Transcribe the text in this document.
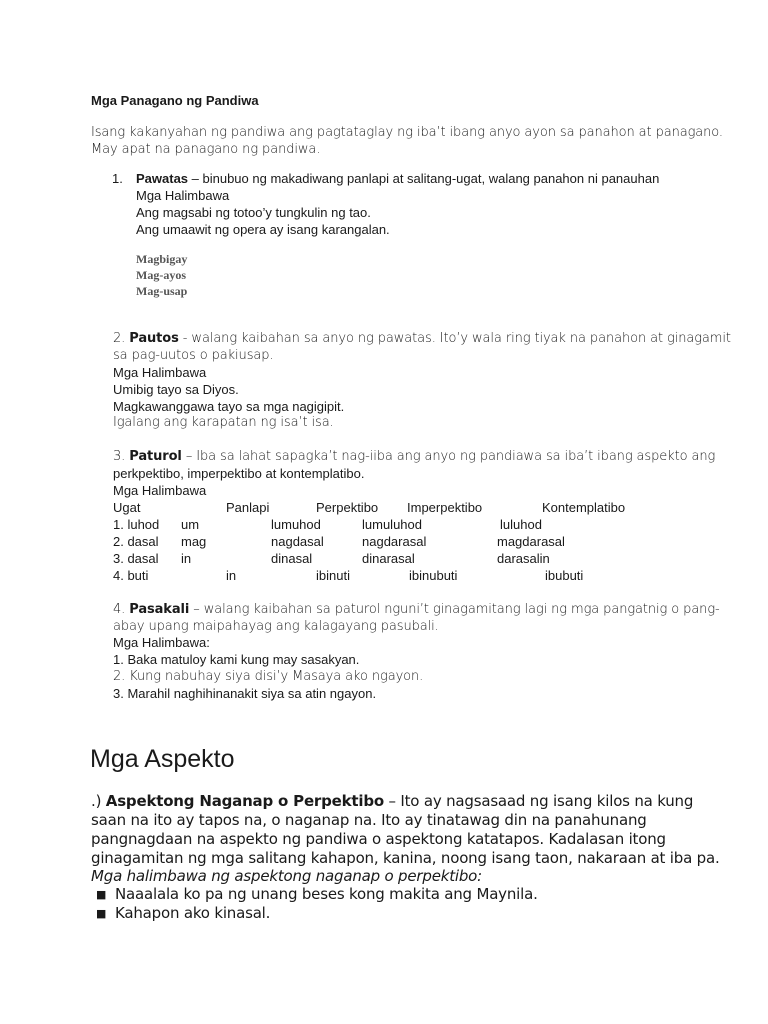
Mga Panagano ng Pandiwa
Isang kakanyahan ng pandiwa ang pagtataglay ng iba’t ibang anyo ayon sa panahon at panagano.
May apat na panagano ng pandiwa.
1. Pawatas – binubuo ng makadiwang panlapi at salitang-ugat, walang panahon ni panauhan
Mga Halimbawa
Ang magsabi ng totoo’y tungkulin ng tao.
Ang umaawit ng opera ay isang karangalan.
Magbigay
Mag-ayos
Mag-usap
2. Pautos - walang kaibahan sa anyo ng pawatas. Ito’y wala ring tiyak na panahon at ginagamit
sa pag-uutos o pakiusap.
Mga Halimbawa
Umibig tayo sa Diyos.
Magkawanggawa tayo sa mga nagigipit.
Igalang ang karapatan ng isa’t isa.
3. Paturol – Iba sa lahat sapagka’t nag-iiba ang anyo ng pandiawa sa iba’t ibang aspekto ang
perkpektibo, imperpektibo at kontemplatibo.
Mga Halimbawa
Ugat	Panlapi	Perpektibo Imperpektibo	Kontemplatibo
1. luhod um	lumuhod	lumuluhod	luluhod
2. dasal mag	nagdasal	nagdarasal	magdarasal
3. dasal in	dinasal	dinarasal	darasalin
4. buti	in	ibinuti	ibinubuti	ibubuti
4. Pasakali – walang kaibahan sa paturol nguni’t ginagamitang lagi ng mga pangatnig o pang-
abay upang maipahayag ang kalagayang pasubali.
Mga Halimbawa:
1. Baka matuloy kami kung may sasakyan.
2. Kung nabuhay siya disi’y Masaya ako ngayon.
3. Marahil naghihinanakit siya sa atin ngayon.
Mga Aspekto
.) Aspektong Naganap o Perpektibo – Ito ay nagsasaad ng isang kilos na kung
saan na ito ay tapos na, o naganap na. Ito ay tinatawag din na panahunang
pangnagdaan na aspekto ng pandiwa o aspektong katatapos. Kadalasan itong
ginagamitan ng mga salitang kahapon, kanina, noong isang taon, nakaraan at iba pa.
Mga halimbawa ng aspektong naganap o perpektibo:
■ Naaalala ko pa ng unang beses kong makita ang Maynila.
■ Kahapon ako kinasal.
